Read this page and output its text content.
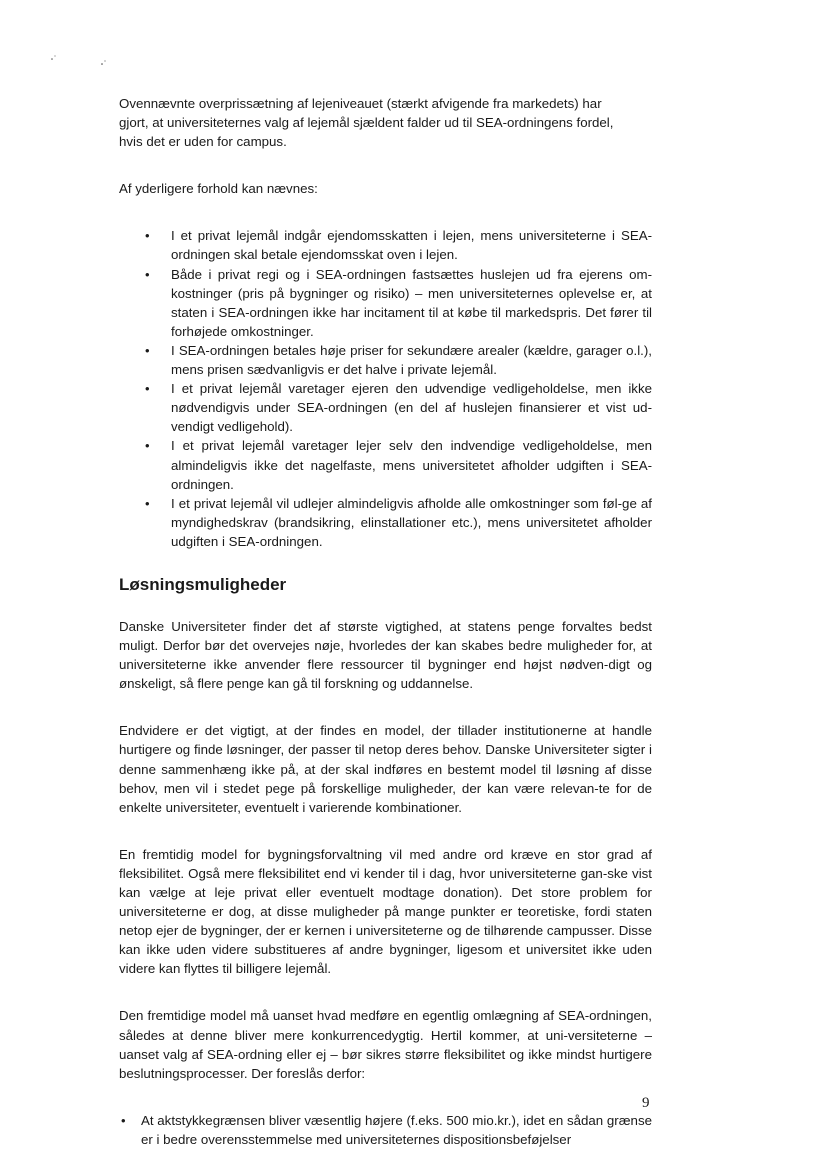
Ovennævnte overprissætning af lejeniveauet (stærkt afvigende fra markedets) har

gjort, at universiteternes valg af lejemål sjældent falder ud til SEA-ordningens fordel,

hvis det er uden for campus.

Af yderligere forhold kan nævnes:

• I et privat lejemål indgår ejendomsskatten i lejen, mens universiteterne i SEA-ordningen skal betale ejendomsskat oven i lejen.
• Både i privat regi og i SEA-ordningen fastsættes huslejen ud fra ejerens om-kostninger (pris på bygninger og risiko) – men universiteternes oplevelse er, at staten i SEA-ordningen ikke har incitament til at købe til markedspris. Det fører til forhøjede omkostninger.
• I SEA-ordningen betales høje priser for sekundære arealer (kældre, garager o.l.), mens prisen sædvanligvis er det halve i private lejemål.
• I et privat lejemål varetager ejeren den udvendige vedligeholdelse, men ikke nødvendigvis under SEA-ordningen (en del af huslejen finansierer et vist ud-vendigt vedligehold).
• I et privat lejemål varetager lejer selv den indvendige vedligeholdelse, men almindeligvis ikke det nagelfaste, mens universitetet afholder udgiften i SEA-ordningen.
• I et privat lejemål vil udlejer almindeligvis afholde alle omkostninger som føl-ge af myndighedskrav (brandsikring, elinstallationer etc.), mens universitetet afholder udgiften i SEA-ordningen.
Løsningsmuligheder

Danske Universiteter finder det af største vigtighed, at statens penge forvaltes bedst muligt. Derfor bør det overvejes nøje, hvorledes der kan skabes bedre muligheder for, at universiteterne ikke anvender flere ressourcer til bygninger end højst nødven-digt og ønskeligt, så flere penge kan gå til forskning og uddannelse.

Endvidere er det vigtigt, at der findes en model, der tillader institutionerne at handle hurtigere og finde løsninger, der passer til netop deres behov. Danske Universiteter sigter i denne sammenhæng ikke på, at der skal indføres en bestemt model til løsning af disse behov, men vil i stedet pege på forskellige muligheder, der kan være relevan-te for de enkelte universiteter, eventuelt i varierende kombinationer.

En fremtidig model for bygningsforvaltning vil med andre ord kræve en stor grad af fleksibilitet. Også mere fleksibilitet end vi kender til i dag, hvor universiteterne gan-ske vist kan vælge at leje privat eller eventuelt modtage donation). Det store problem for universiteterne er dog, at disse muligheder på mange punkter er teoretiske, fordi staten netop ejer de bygninger, der er kernen i universiteterne og de tilhørende campusser. Disse kan ikke uden videre substitueres af andre bygninger, ligesom et universitet ikke uden videre kan flyttes til billigere lejemål.

Den fremtidige model må uanset hvad medføre en egentlig omlægning af SEA-ordningen, således at denne bliver mere konkurrencedygtig. Hertil kommer, at uni-versiteterne – uanset valg af SEA-ordning eller ej – bør sikres større fleksibilitet og ikke mindst hurtigere beslutningsprocesser. Der foreslås derfor:

• At aktstykkegrænsen bliver væsentlig højere (f.eks. 500 mio.kr.), idet en sådan grænse er i bedre overensstemmelse med universiteternes dispositionsbeføjelser
9
